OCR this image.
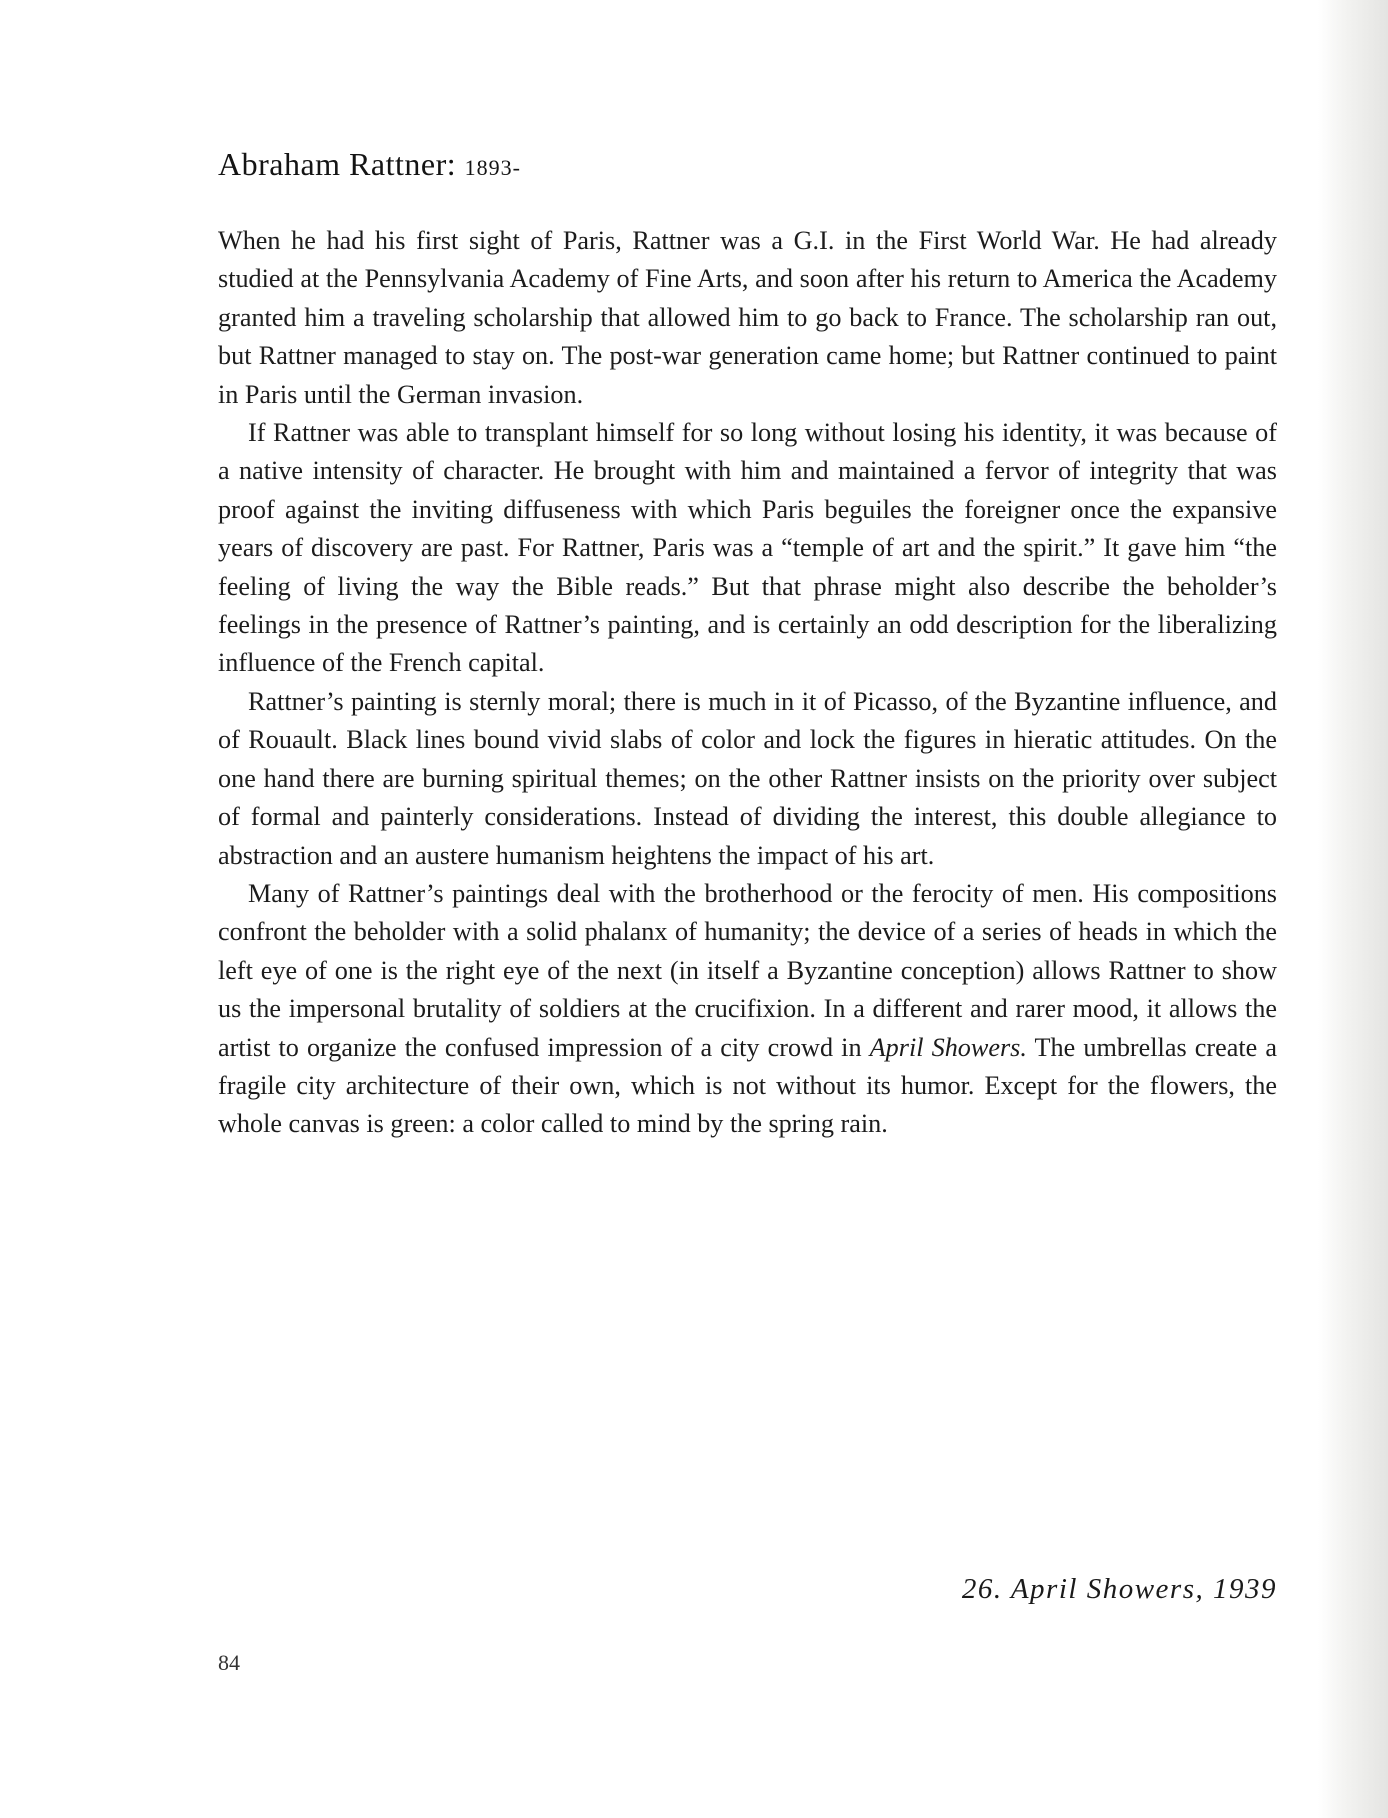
Abraham Rattner: 1893-

When he had his first sight of Paris, Rattner was a G.I. in the First World War. He had already studied at the Pennsylvania Academy of Fine Arts, and soon after his return to America the Academy granted him a traveling scholarship that allowed him to go back to France. The scholarship ran out, but Rattner managed to stay on. The post-war generation came home; but Rattner continued to paint in Paris until the German invasion.

If Rattner was able to transplant himself for so long without losing his identity, it was because of a native intensity of character. He brought with him and maintained a fervor of integrity that was proof against the inviting diffuseness with which Paris beguiles the foreigner once the expansive years of discovery are past. For Rattner, Paris was a “temple of art and the spirit.” It gave him “the feeling of living the way the Bible reads.” But that phrase might also describe the beholder’s feelings in the presence of Rattner’s painting, and is certainly an odd description for the liberalizing influence of the French capital.

Rattner’s painting is sternly moral; there is much in it of Picasso, of the Byzantine influence, and of Rouault. Black lines bound vivid slabs of color and lock the figures in hieratic attitudes. On the one hand there are burning spiritual themes; on the other Rattner insists on the priority over subject of formal and painterly considerations. Instead of dividing the interest, this double allegiance to abstraction and an austere humanism heightens the impact of his art.

Many of Rattner’s paintings deal with the brotherhood or the ferocity of men. His compositions confront the beholder with a solid phalanx of humanity; the device of a series of heads in which the left eye of one is the right eye of the next (in itself a Byzantine conception) allows Rattner to show us the impersonal brutality of soldiers at the crucifixion. In a different and rarer mood, it allows the artist to organize the confused impression of a city crowd in April Showers. The umbrellas create a fragile city architecture of their own, which is not without its humor. Except for the flowers, the whole canvas is green: a color called to mind by the spring rain.

26. April Showers, 1939
84
